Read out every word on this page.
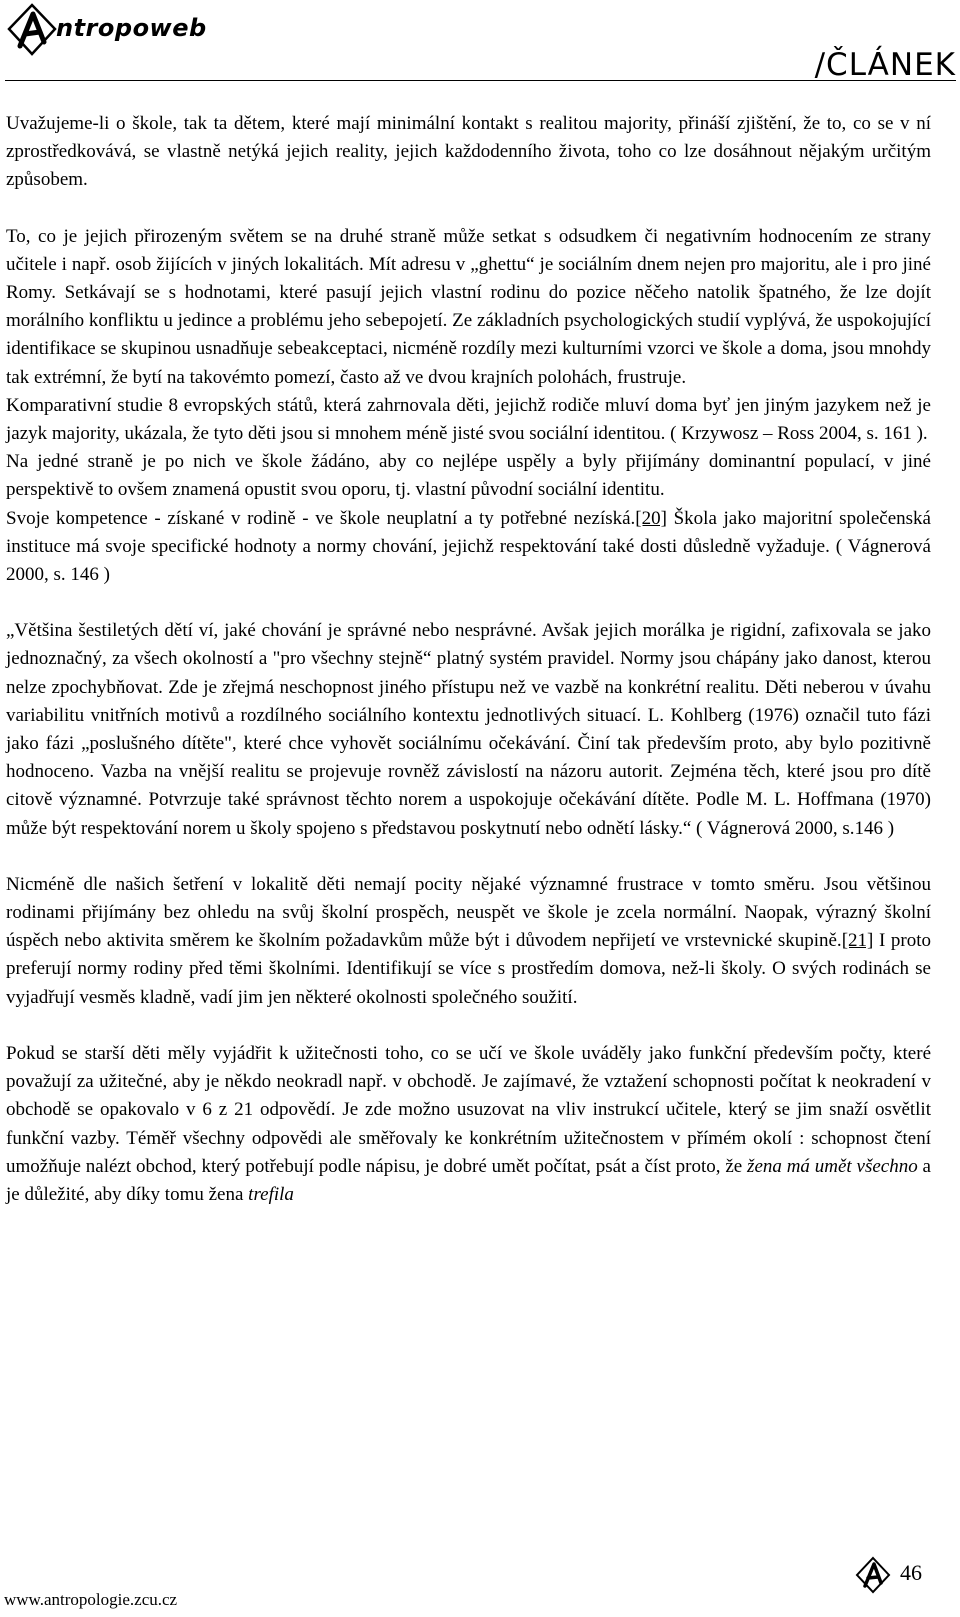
ntropoweb
/ČLÁNEK

Uvažujeme-li o škole, tak ta dětem, které mají minimální kontakt s realitou majority, přináší zjištění, že to, co se v ní zprostředkovává, se vlastně netýká jejich reality, jejich každodenního života, toho co lze dosáhnout nějakým určitým způsobem.

To, co je jejich přirozeným světem se na druhé straně může setkat s odsudkem či negativním hodnocením ze strany učitele i např. osob žijících v jiných lokalitách. Mít adresu v „ghettu“ je sociálním dnem nejen pro majoritu, ale i pro jiné Romy. Setkávají se s hodnotami, které pasují jejich vlastní rodinu do pozice něčeho natolik špatného, že lze dojít morálního konfliktu u jedince a problému jeho sebepojetí. Ze základních psychologických studií vyplývá, že uspokojující identifikace se skupinou usnadňuje sebeakceptaci, nicméně rozdíly mezi kulturními vzorci ve škole a doma, jsou mnohdy tak extrémní, že bytí na takovémto pomezí, často až ve dvou krajních polohách, frustruje.

Komparativní studie 8 evropských států, která zahrnovala děti, jejichž rodiče mluví doma byť jen jiným jazykem než je jazyk majority, ukázala, že tyto děti jsou si mnohem méně jisté svou sociální identitou. ( Krzywosz – Ross 2004, s. 161 ).

Na jedné straně je po nich ve škole žádáno, aby co nejlépe uspěly a byly přijímány dominantní populací, v jiné perspektivě to ovšem znamená opustit svou oporu, tj. vlastní původní sociální identitu.

Svoje kompetence - získané v rodině - ve škole neuplatní a ty potřebné nezíská.[20] Škola jako majoritní společenská instituce má svoje specifické hodnoty a normy chování, jejichž respektování také dosti důsledně vyžaduje. ( Vágnerová 2000, s. 146 )

„Většina šestiletých dětí ví, jaké chování je správné nebo nesprávné. Avšak jejich morálka je rigidní, zafixovala se jako jednoznačný, za všech okolností a "pro všechny stejně“ platný systém pravidel. Normy jsou chápány jako danost, kterou nelze zpochybňovat. Zde je zřejmá neschopnost jiného přístupu než ve vazbě na konkrétní realitu. Děti neberou v úvahu variabilitu vnitřních motivů a rozdílného sociálního kontextu jednotlivých situací. L. Kohlberg (1976) označil tuto fázi jako fázi „poslušného dítěte", které chce vyhovět sociálnímu očekávání. Činí tak především proto, aby bylo pozitivně hodnoceno. Vazba na vnější realitu se projevuje rovněž závislostí na názoru autorit. Zejména těch, které jsou pro dítě citově významné. Potvrzuje také správnost těchto norem a uspokojuje očekávání dítěte. Podle M. L. Hoffmana (1970) může být respektování norem u školy spojeno s představou poskytnutí nebo odnětí lásky.“ ( Vágnerová 2000, s.146 )

Nicméně dle našich šetření v lokalitě děti nemají pocity nějaké významné frustrace v tomto směru. Jsou většinou rodinami přijímány bez ohledu na svůj školní prospěch, neuspět ve škole je zcela normální. Naopak, výrazný školní úspěch nebo aktivita směrem ke školním požadavkům může být i důvodem nepřijetí ve vrstevnické skupině.[21] I proto preferují normy rodiny před těmi školními. Identifikují se více s prostředím domova, než-li školy. O svých rodinách se vyjadřují vesměs kladně, vadí jim jen některé okolnosti společného soužití.

Pokud se starší děti měly vyjádřit k užitečnosti toho, co se učí ve škole uváděly jako funkční především počty, které považují za užitečné, aby je někdo neokradl např. v obchodě. Je zajímavé, že vztažení schopnosti počítat k neokradení v obchodě se opakovalo v 6 z 21 odpovědí. Je zde možno usuzovat na vliv instrukcí učitele, který se jim snaží osvětlit funkční vazby. Téměř všechny odpovědi ale směřovaly ke konkrétním užitečnostem v přímém okolí : schopnost čtení umožňuje nalézt obchod, který potřebují podle nápisu, je dobré umět počítat, psát a číst proto, že žena má umět všechno a je důležité, aby díky tomu žena trefila

www.antropologie.zcu.cz
46
